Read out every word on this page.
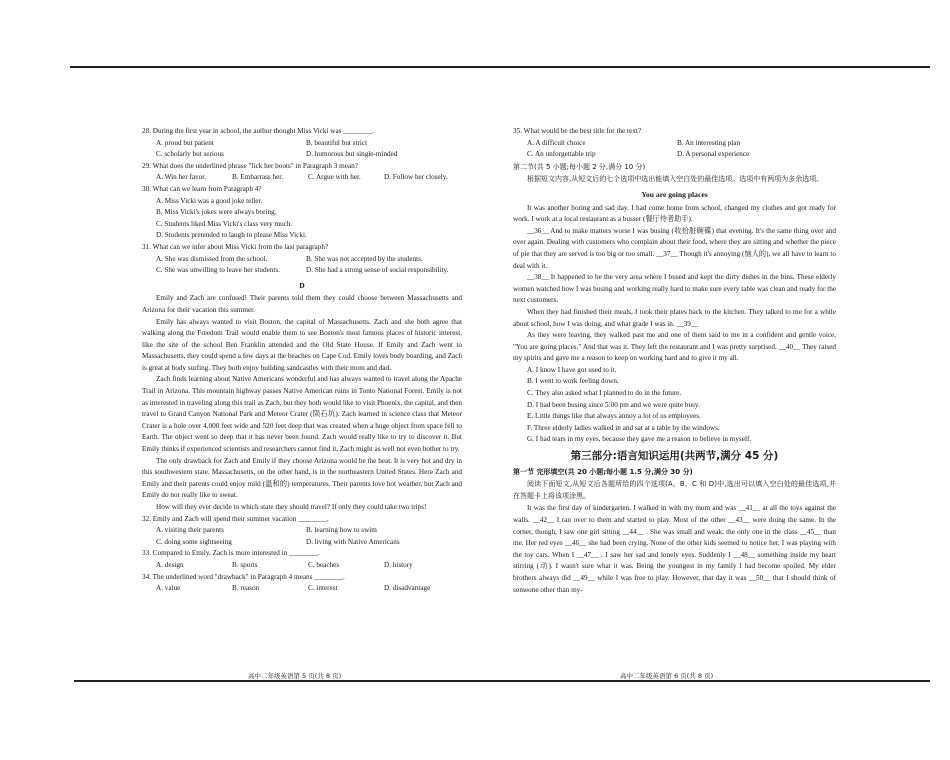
28. During the first year in school, the author thought Miss Vicki was ________.

A. proud but patient	B. beautiful but strict
C. scholarly but serious	D. humorous but single-minded

29. What does the underlined phrase "lick her boots" in Paragraph 3 mean?

A. Win her favor.	B. Embarrass her.	C. Argue with her.	D. Follow her closely.

30. What can we learn from Paragraph 4?

A. Miss Vicki was a good joke teller.

B. Miss Vicki's jokes were always boring.

C. Students liked Miss Vicki's class very much.

D. Students pretended to laugh to please Miss Vicki.

31. What can we infer about Miss Vicki from the last paragraph?

A. She was dismissed from the school.	B. She was not accepted by the students.
C. She was unwilling to leave her students.	D. She had a strong sense of social responsibility.
D

Emily and Zach are confused! Their parents told them they could choose between Massachusetts and Arizona for their vacation this summer.

Emily has always wanted to visit Boston, the capital of Massachusetts. Zach and she both agree that walking along the Freedom Trail would enable them to see Boston's most famous places of historic interest, like the site of the school Ben Franklin attended and the Old State House. If Emily and Zach went to Massachusetts, they could spend a few days at the beaches on Cape Cod. Emily loves body boarding, and Zach is great at body surfing. They both enjoy building sandcastles with their mom and dad.

Zach finds learning about Native Americans wonderful and has always wanted to travel along the Apache Trail in Arizona. This mountain highway passes Native American ruins in Tonto National Forest. Emily is not as interested in traveling along this trail as Zach, but they both would like to visit Phoenix, the capital, and then travel to Grand Canyon National Park and Meteor Crater (陨石坑). Zach learned in science class that Meteor Crater is a hole over 4,000 feet wide and 520 feet deep that was created when a huge object from space fell to Earth. The object went so deep that it has never been found. Zach would really like to try to discover it. But Emily thinks if experienced scientists and researchers cannot find it, Zach might as well not even bother to try.

The only drawback for Zach and Emily if they choose Arizona would be the heat. It is very hot and dry in this southwestern state. Massachusetts, on the other hand, is in the northeastern United States. Here Zach and Emily and their parents could enjoy mild (温和的) temperatures. Their parents love hot weather, but Zach and Emily do not really like to sweat.

How will they ever decide to which state they should travel? If only they could take two trips!

32. Emily and Zach will spend their summer vacation ________.

A. visiting their parents	B. learning how to swim
C. doing some sightseeing	D. living with Native Americans

33. Compared to Emily, Zach is more interested in ________.

A. design	B. sports	C. beaches	D. history

34. The underlined word "drawback" in Paragraph 4 means ________.

A. value	B. reason	C. interest	D. disadvantage

35. What would be the best title for the text?

A. A difficult choice	B. An interesting plan
C. An unforgettable trip	D. A personal experience

第二节(共 5 小题;每小题 2 分,满分 10 分)

根据短文内容,从短文后的七个选项中选出能填入空白处的最佳选项。选项中有两项为多余选项。

You are going places

It was another boring and sad day. I had come home from school, changed my clothes and got ready for work. I work at a local restaurant as a busser (餐厅侍者助手).

__36__ And to make matters worse I was busing (收拾脏碗碟) that evening. It's the same thing over and over again. Dealing with customers who complain about their food, where they are sitting and whether the piece of pie that they are served is too big or too small. __37__ Though it's annoying (恼人的), we all have to learn to deal with it.

__38__ It happened to be the very area where I bused and kept the dirty dishes in the bins. These elderly women watched how I was busing and working really hard to make sure every table was clean and ready for the next customers.

When they had finished their meals, I took their plates back to the kitchen. They talked to me for a while about school, how I was doing, and what grade I was in. __39__

As they were leaving, they walked past me and one of them said to me in a confident and gentle voice, "You are going places." And that was it. They left the restaurant and I was pretty surprised. __40__ They raised my spirits and gave me a reason to keep on working hard and to give it my all.

A. I know I have got used to it.

B. I went to work feeling down.

C. They also asked what I planned to do in the future.

D. I had been busing since 5:00 pm and we were quite busy.

E. Little things like that always annoy a lot of us employees.

F. Three elderly ladies walked in and sat at a table by the windows.

G. I had tears in my eyes, because they gave me a reason to believe in myself.

第三部分:语言知识运用(共两节,满分 45 分)

第一节 完形填空(共 20 小题;每小题 1.5 分,满分 30 分)

阅读下面短文,从短文后各题所给的四个选项(A、B、C 和 D)中,选出可以填入空白处的最佳选项,并在答题卡上将该项涂黑。

It was the first day of kindergarten. I walked in with my mom and was __41__ at all the toys against the walls. __42__ I ran over to them and started to play. Most of the other __43__ were doing the same. In the corner, though, I saw one girl sitting __44__ . She was small and weak, the only one in the class __45__ than me. Her red eyes __46__ she had been crying. None of the other kids seemed to notice her. I was playing with the toy cars. When I __47__ , I saw her sad and lonely eyes. Suddenly I __48__ something inside my heart stirring (动). I wasn't sure what it was. Being the youngest in my family I had become spoiled. My elder brothers always did __49__ while I was free to play. However, that day it was __50__ that I should think of someone other than my-

高中二年级英语第 5 页(共 8 页)	高中二年级英语第 6 页(共 8 页)
